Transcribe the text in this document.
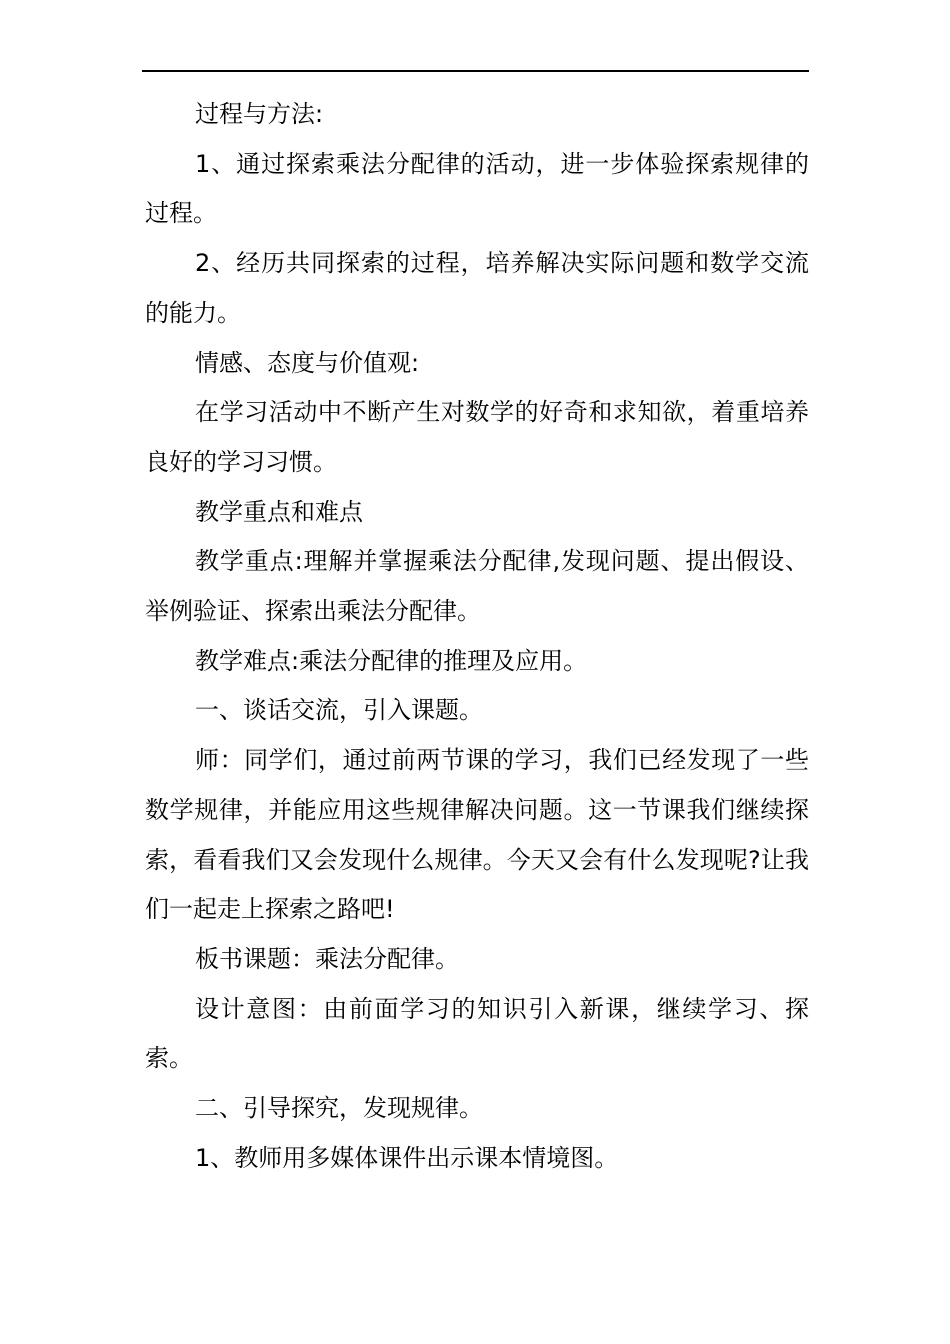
过程与方法:

1、通过探索乘法分配律的活动，进一步体验探索规律的过程。

2、经历共同探索的过程，培养解决实际问题和数学交流的能力。

情感、态度与价值观:

在学习活动中不断产生对数学的好奇和求知欲，着重培养良好的学习习惯。

教学重点和难点

教学重点:理解并掌握乘法分配律,发现问题、提出假设、举例验证、探索出乘法分配律。

教学难点:乘法分配律的推理及应用。

一、谈话交流，引入课题。

师：同学们，通过前两节课的学习，我们已经发现了一些数学规律，并能应用这些规律解决问题。这一节课我们继续探索，看看我们又会发现什么规律。今天又会有什么发现呢?让我们一起走上探索之路吧!

板书课题：乘法分配律。

设计意图：由前面学习的知识引入新课，继续学习、探索。

二、引导探究，发现规律。

1、教师用多媒体课件出示课本情境图。
